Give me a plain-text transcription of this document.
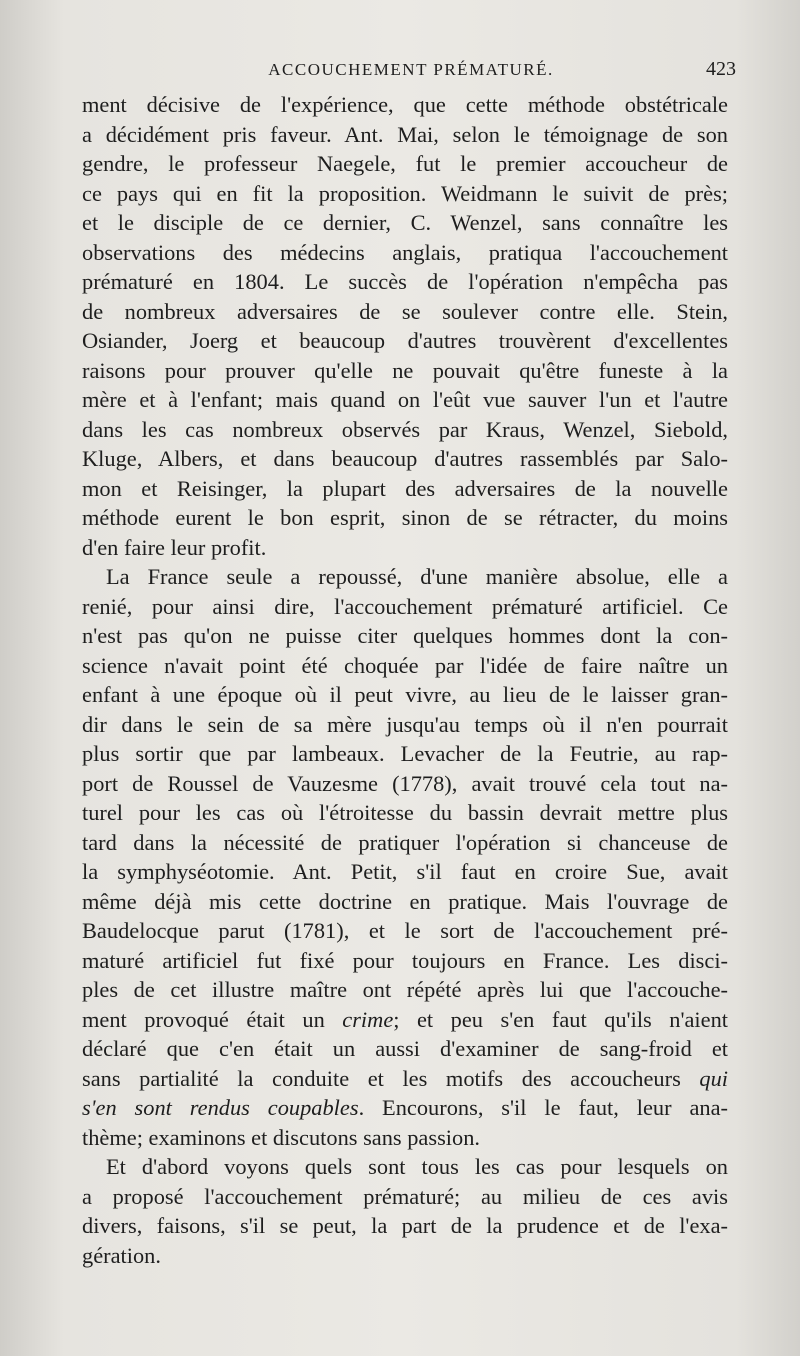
ACCOUCHEMENT PRÉMATURÉ.	423
ment décisive de l'expérience, que cette méthode obstétricale
a décidément pris faveur. Ant. Mai, selon le témoignage de son
gendre, le professeur Naegele, fut le premier accoucheur de
ce pays qui en fit la proposition. Weidmann le suivit de près;
et le disciple de ce dernier, C. Wenzel, sans connaître les
observations des médecins anglais, pratiqua l'accouchement
prématuré en 1804. Le succès de l'opération n'empêcha pas
de nombreux adversaires de se soulever contre elle. Stein,
Osiander, Joerg et beaucoup d'autres trouvèrent d'excellentes
raisons pour prouver qu'elle ne pouvait qu'être funeste à la
mère et à l'enfant; mais quand on l'eût vue sauver l'un et l'autre
dans les cas nombreux observés par Kraus, Wenzel, Siebold,
Kluge, Albers, et dans beaucoup d'autres rassemblés par Salo-
mon et Reisinger, la plupart des adversaires de la nouvelle
méthode eurent le bon esprit, sinon de se rétracter, du moins
d'en faire leur profit.
La France seule a repoussé, d'une manière absolue, elle a
renié, pour ainsi dire, l'accouchement prématuré artificiel. Ce
n'est pas qu'on ne puisse citer quelques hommes dont la con-
science n'avait point été choquée par l'idée de faire naître un
enfant à une époque où il peut vivre, au lieu de le laisser gran-
dir dans le sein de sa mère jusqu'au temps où il n'en pourrait
plus sortir que par lambeaux. Levacher de la Feutrie, au rap-
port de Roussel de Vauzesme (1778), avait trouvé cela tout na-
turel pour les cas où l'étroitesse du bassin devrait mettre plus
tard dans la nécessité de pratiquer l'opération si chanceuse de
la symphyséotomie. Ant. Petit, s'il faut en croire Sue, avait
même déjà mis cette doctrine en pratique. Mais l'ouvrage de
Baudelocque parut (1781), et le sort de l'accouchement pré-
maturé artificiel fut fixé pour toujours en France. Les disci-
ples de cet illustre maître ont répété après lui que l'accouche-
ment provoqué était un crime; et peu s'en faut qu'ils n'aient
déclaré que c'en était un aussi d'examiner de sang-froid et
sans partialité la conduite et les motifs des accoucheurs qui
s'en sont rendus coupables. Encourons, s'il le faut, leur ana-
thème; examinons et discutons sans passion.
Et d'abord voyons quels sont tous les cas pour lesquels on
a proposé l'accouchement prématuré; au milieu de ces avis
divers, faisons, s'il se peut, la part de la prudence et de l'exa-
gération.
